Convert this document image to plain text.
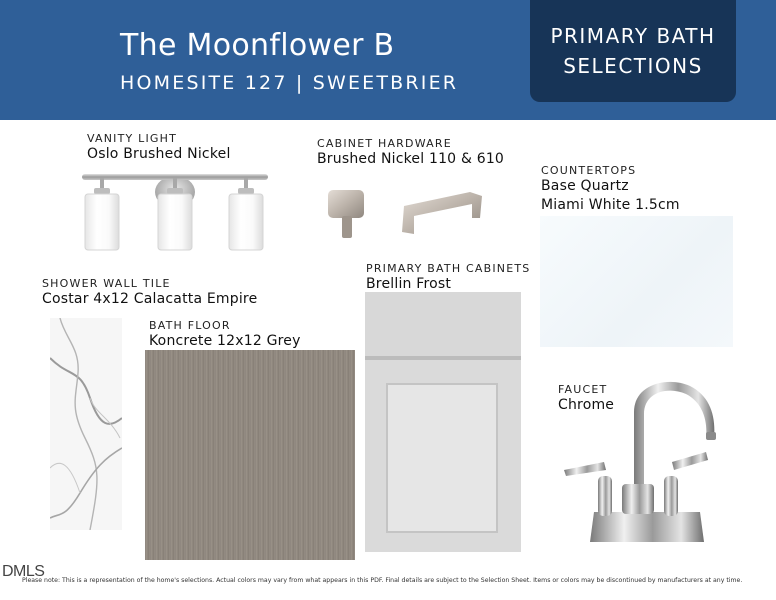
The Moonflower B
HOMESITE 127 | SWEETBRIER
PRIMARY BATH
SELECTIONS
VANITY LIGHT
Oslo Brushed Nickel
CABINET HARDWARE
Brushed Nickel 110 & 610
COUNTERTOPS
Base Quartz
Miami White 1.5cm
SHOWER WALL TILE
Costar 4x12 Calacatta Empire
BATH FLOOR
Koncrete 12x12 Grey
PRIMARY BATH CABINETS
Brellin Frost
FAUCET
Chrome
DMLS
Please note: This is a representation of the home's selections. Actual colors may vary from what appears in this PDF. Final details are subject to the Selection Sheet. Items or colors may be discontinued by manufacturers at any time.
